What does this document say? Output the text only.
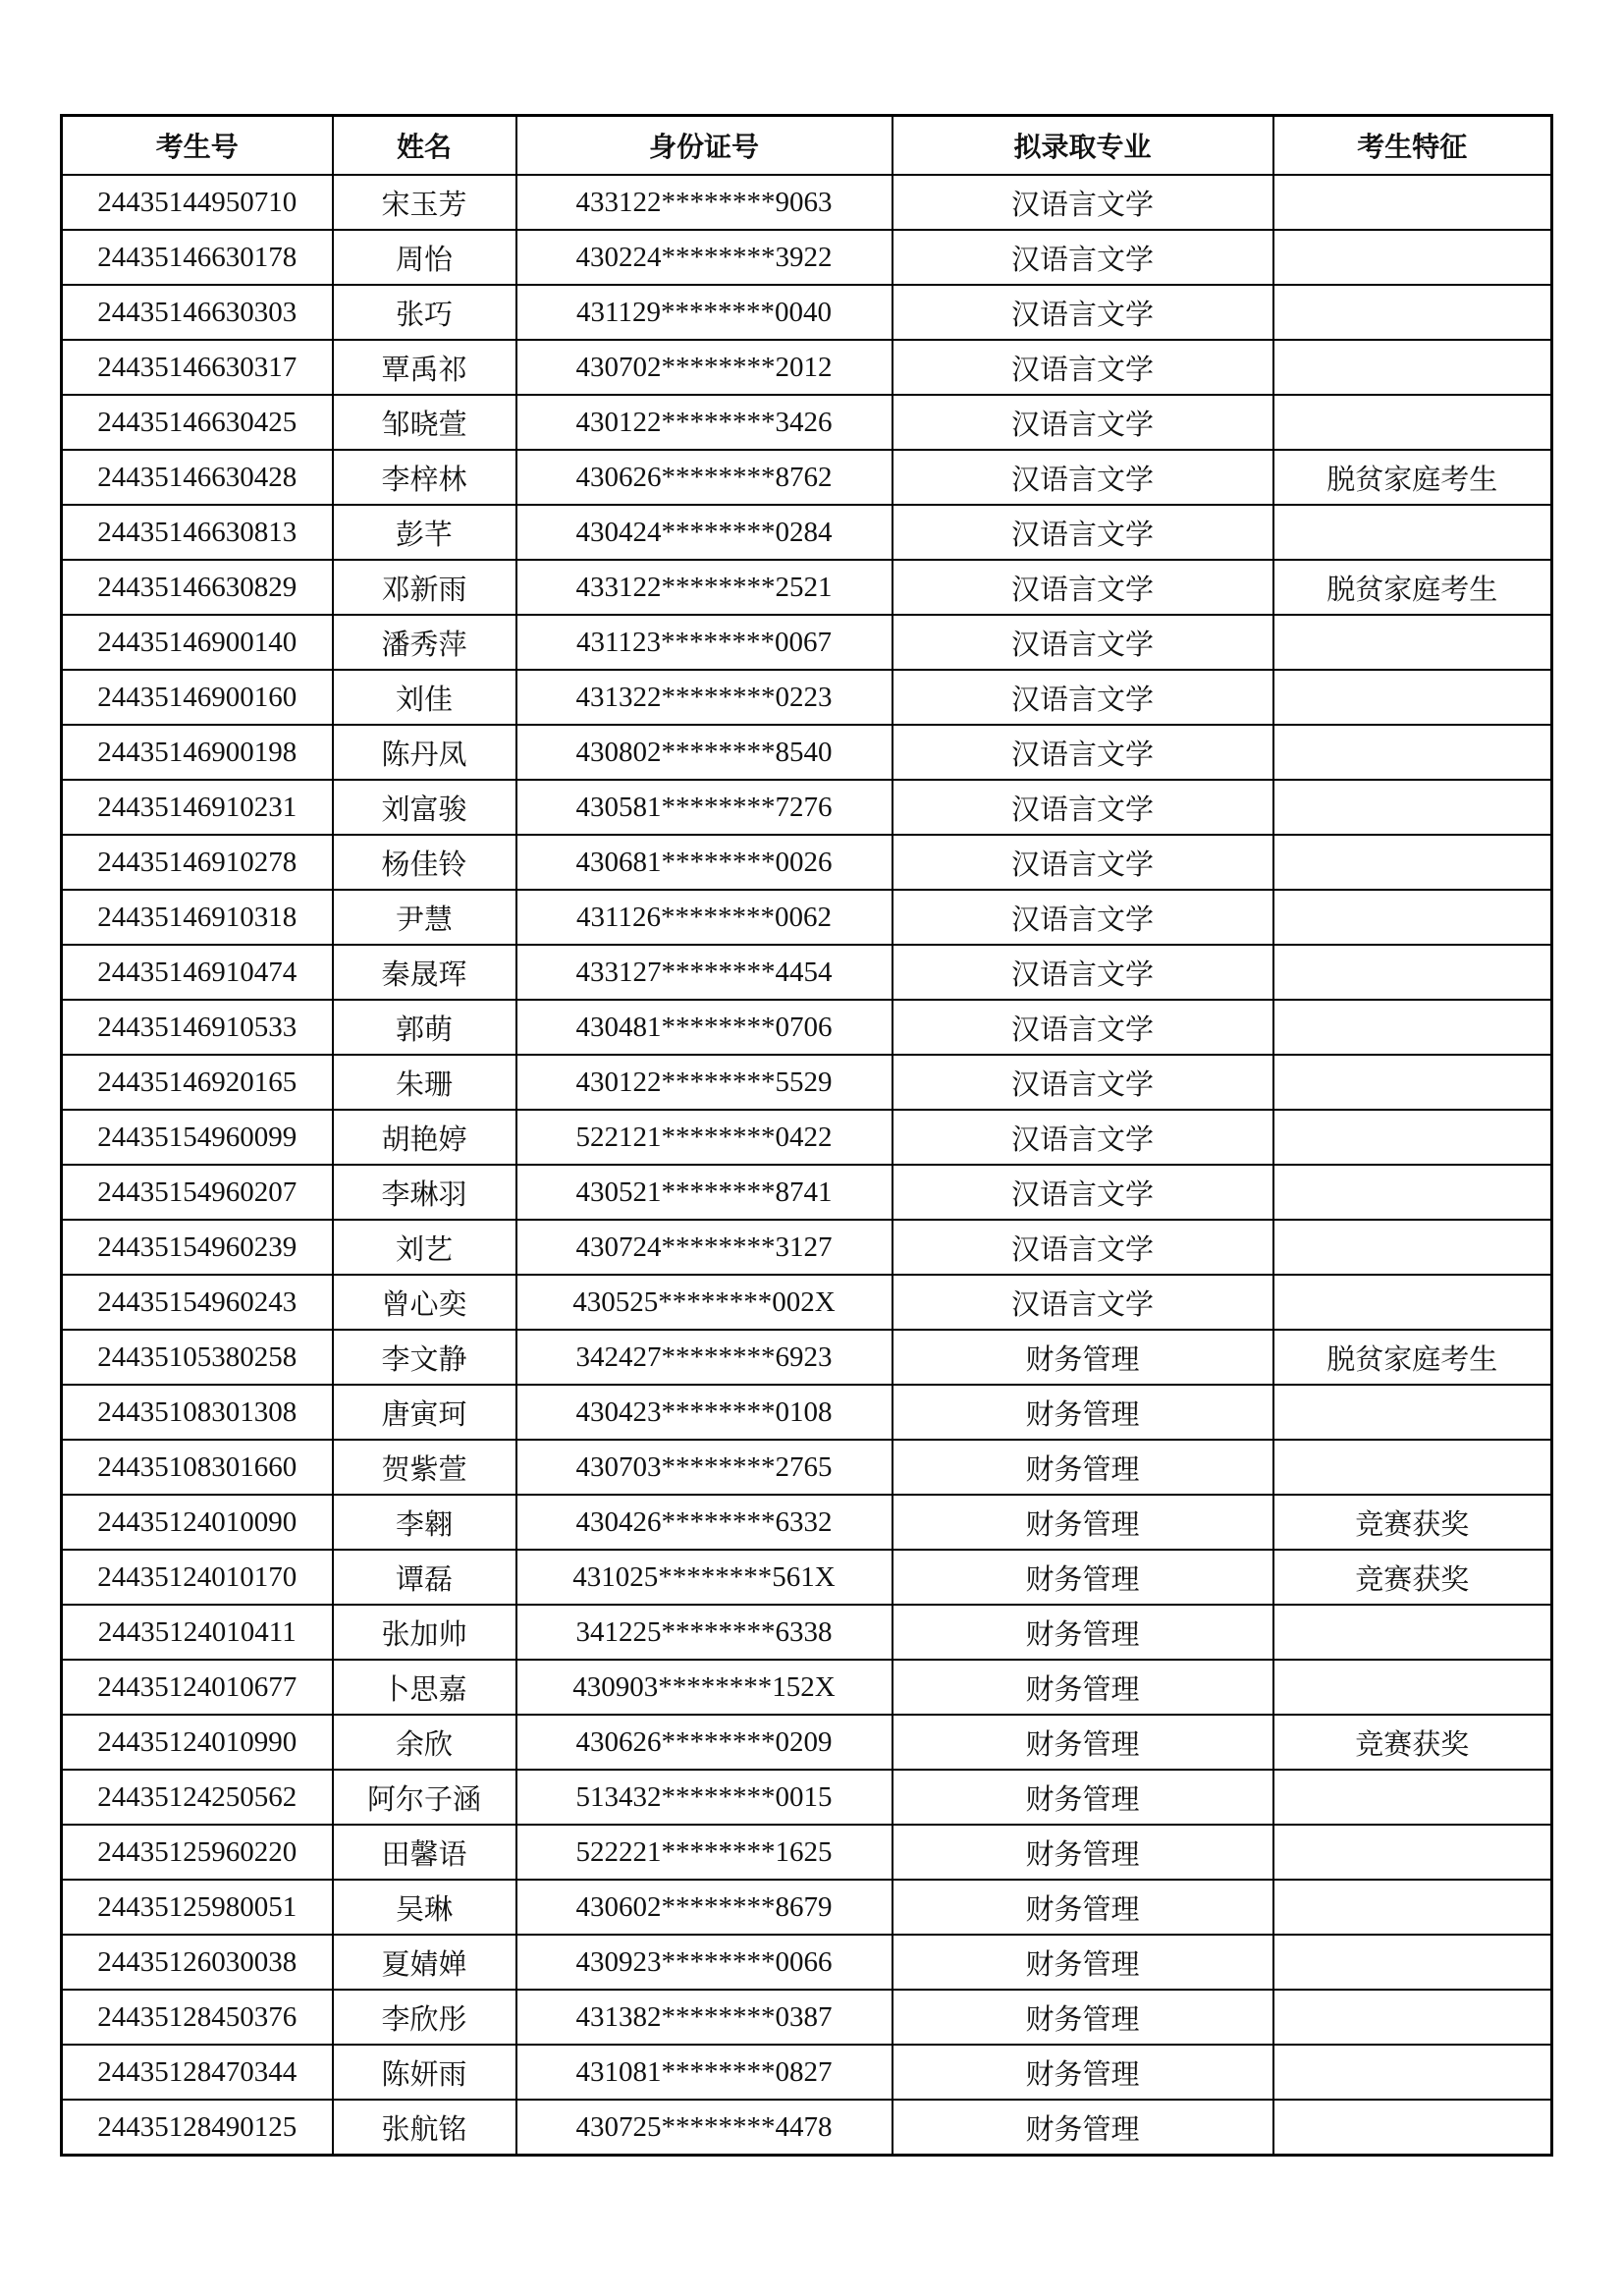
考生号	姓名	身份证号	拟录取专业	考生特征
24435144950710	宋玉芳	433122********9063	汉语言文学	
24435146630178	周怡	430224********3922	汉语言文学	
24435146630303	张巧	431129********0040	汉语言文学	
24435146630317	覃禹祁	430702********2012	汉语言文学	
24435146630425	邹晓萱	430122********3426	汉语言文学	
24435146630428	李梓林	430626********8762	汉语言文学	脱贫家庭考生
24435146630813	彭芊	430424********0284	汉语言文学	
24435146630829	邓新雨	433122********2521	汉语言文学	脱贫家庭考生
24435146900140	潘秀萍	431123********0067	汉语言文学	
24435146900160	刘佳	431322********0223	汉语言文学	
24435146900198	陈丹凤	430802********8540	汉语言文学	
24435146910231	刘富骏	430581********7276	汉语言文学	
24435146910278	杨佳铃	430681********0026	汉语言文学	
24435146910318	尹慧	431126********0062	汉语言文学	
24435146910474	秦晟珲	433127********4454	汉语言文学	
24435146910533	郭萌	430481********0706	汉语言文学	
24435146920165	朱珊	430122********5529	汉语言文学	
24435154960099	胡艳婷	522121********0422	汉语言文学	
24435154960207	李琳羽	430521********8741	汉语言文学	
24435154960239	刘艺	430724********3127	汉语言文学	
24435154960243	曾心奕	430525********002X	汉语言文学	
24435105380258	李文静	342427********6923	财务管理	脱贫家庭考生
24435108301308	唐寅珂	430423********0108	财务管理	
24435108301660	贺紫萱	430703********2765	财务管理	
24435124010090	李翱	430426********6332	财务管理	竞赛获奖
24435124010170	谭磊	431025********561X	财务管理	竞赛获奖
24435124010411	张加帅	341225********6338	财务管理	
24435124010677	卜思嘉	430903********152X	财务管理	
24435124010990	余欣	430626********0209	财务管理	竞赛获奖
24435124250562	阿尔子涵	513432********0015	财务管理	
24435125960220	田馨语	522221********1625	财务管理	
24435125980051	吴琳	430602********8679	财务管理	
24435126030038	夏婧婵	430923********0066	财务管理	
24435128450376	李欣彤	431382********0387	财务管理	
24435128470344	陈妍雨	431081********0827	财务管理	
24435128490125	张航铭	430725********4478	财务管理	
